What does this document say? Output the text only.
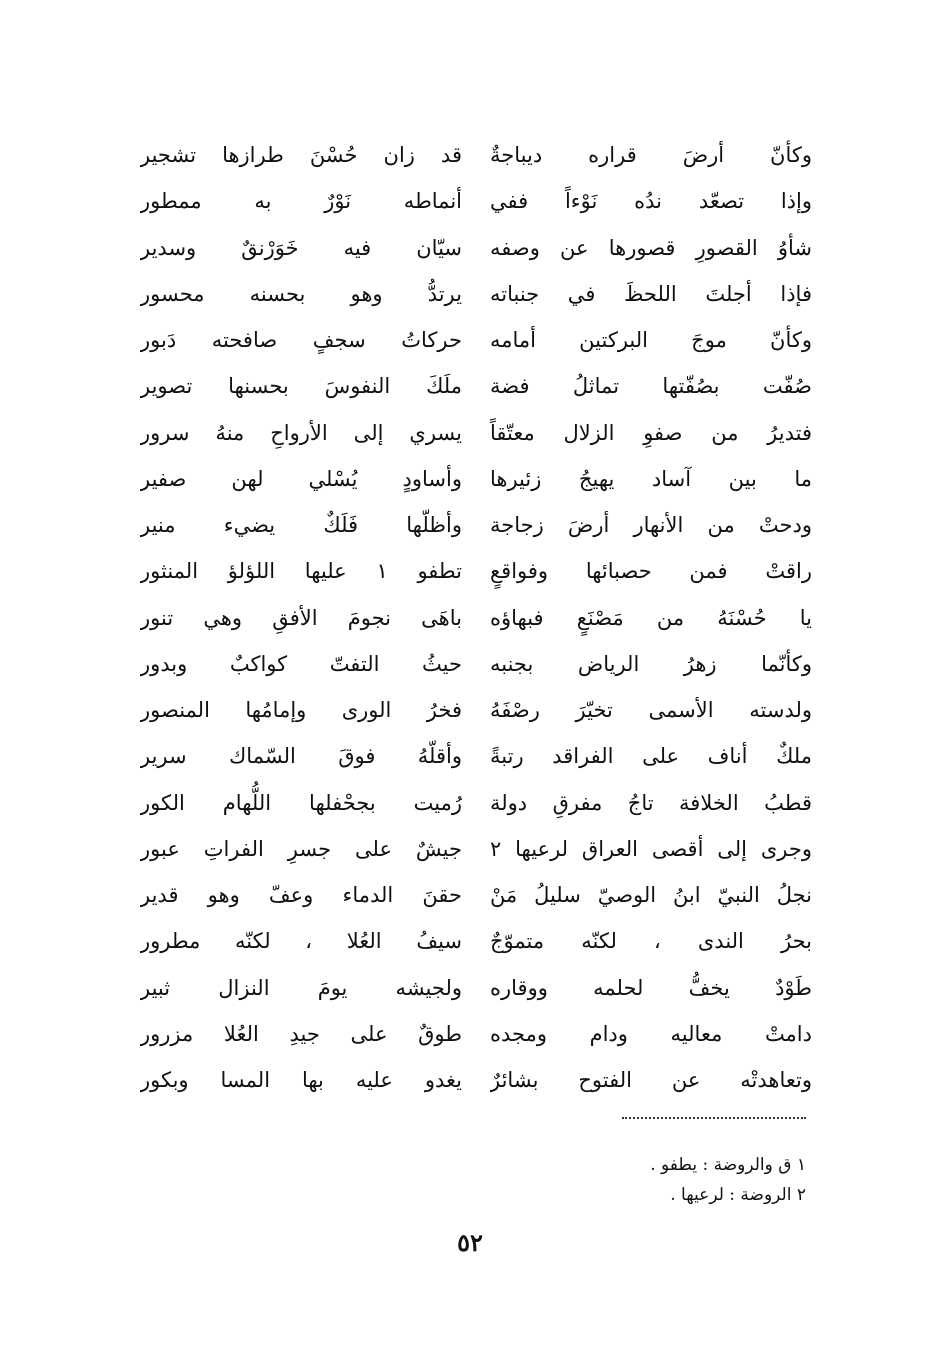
قد زان حُسْنَ طرازها تشجير
أنماطه نَوْرٌ به ممطور
سيّان فيه خَوَرْنقٌ وسدير
يرتدُّ وهو بحسنه محسور
حركاتُ سجفٍ صافحته دَبور
ملَكَ النفوسَ بحسنها تصوير
يسري إلى الأرواحِ منهُ سرور
وأساودٍ يُسْلي لهن صفير
وأظلّها فَلَكٌ يضيء منير
تطفو ١ عليها اللؤلؤ المنثور
باهَى نجومَ الأفقِ وهي تنور
حيثُ التفتّ كواكبٌ وبدور
فخرُ الورى وإمامُها المنصور
وأقلّهُ فوقَ السّماك سرير
رُميت بجحْفلها اللُّهام الكور
جيشٌ على جسرِ الفراتِ عبور
حقنَ الدماء وعفّ وهو قدير
سيفُ العُلا ، لكنّه مطرور
ولجيشه يومَ النزال ثبير
طوقٌ على جيدِ العُلا مزرور
يغدو عليه بها المسا وبكور
وكأنّ أرضَ قراره ديباجةٌ
وإذا تصعّد ندُه نَوْءاً ففي
شأوُ القصورِ قصورها عن وصفه
فإذا أجلتَ اللحظَ في جنباته
وكأنّ موجَ البركتين أمامه
صُفّت بصُفّتها تماثلُ فضة
فتديرُ من صفوِ الزلال معتّقاً
ما بين آساد يهيجُ زئيرها
ودحتْ من الأنهار أرضَ زجاجة
راقتْ فمن حصبائها وفواقعٍ
يا حُسْنَهُ من مَصْنَعٍ فبهاؤه
وكأنّما زهرُ الرياض بجنبه
ولدسته الأسمى تخيّرَ رصْفَهُ
ملكٌ أناف على الفراقد رتبةً
قطبُ الخلافة تاجُ مفرقِ دولة
وجرى إلى أقصى العراق لرعيها ٢
نجلُ النبيّ ابنُ الوصيّ سليلُ مَنْ
بحرُ الندى ، لكنّه متموّجٌ
طَوْدٌ يخفُّ لحلمه ووقاره
دامتْ معاليه ودام ومجده
وتعاهدتْه عن الفتوح بشائرٌ
١ ق والروضة : يطفو .
٢ الروضة : لرعيها .
٥٢
